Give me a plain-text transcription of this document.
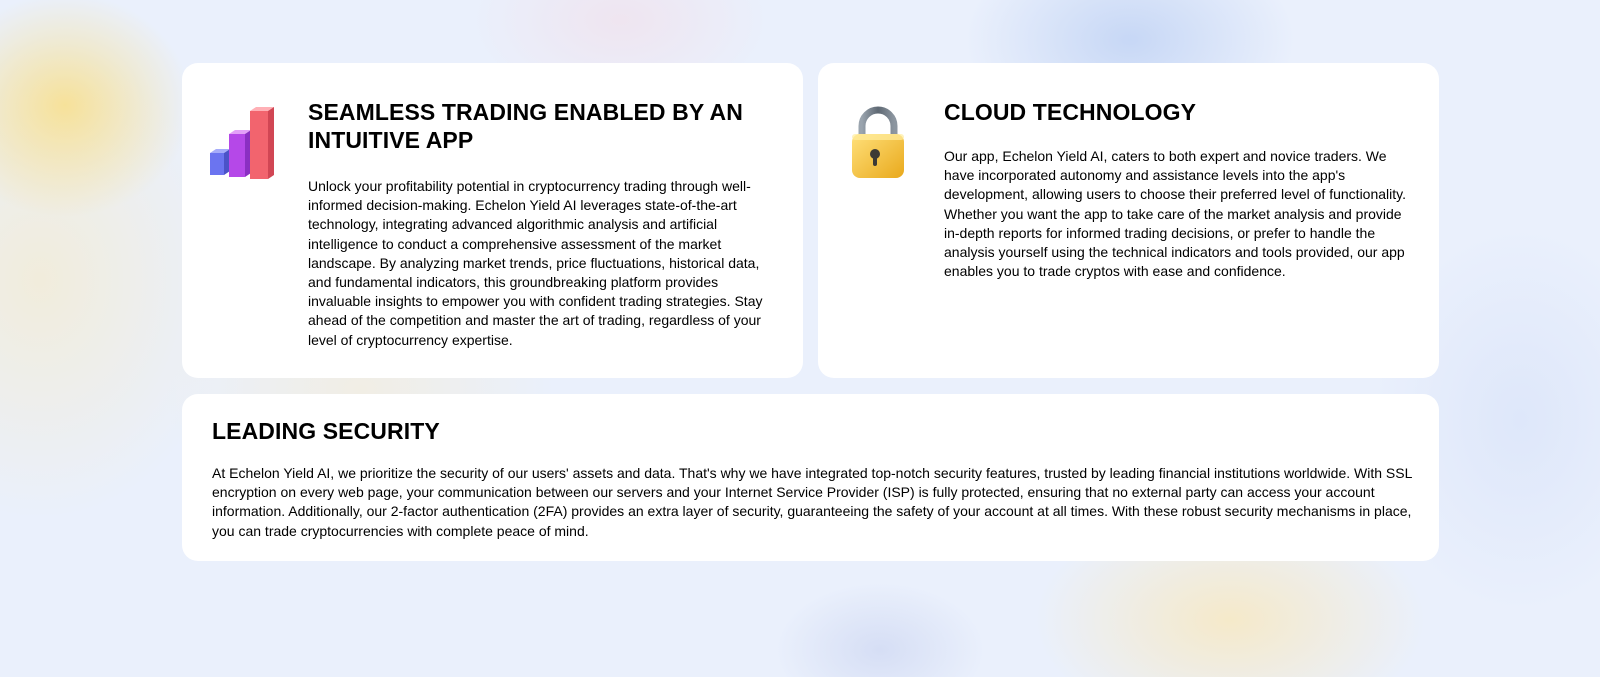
SEAMLESS TRADING ENABLED BY AN INTUITIVE APP

Unlock your profitability potential in cryptocurrency trading through well-informed decision-making. Echelon Yield AI leverages state-of-the-art technology, integrating advanced algorithmic analysis and artificial intelligence to conduct a comprehensive assessment of the market landscape. By analyzing market trends, price fluctuations, historical data, and fundamental indicators, this groundbreaking platform provides invaluable insights to empower you with confident trading strategies. Stay ahead of the competition and master the art of trading, regardless of your level of cryptocurrency expertise.

CLOUD TECHNOLOGY

Our app, Echelon Yield AI, caters to both expert and novice traders. We have incorporated autonomy and assistance levels into the app's development, allowing users to choose their preferred level of functionality. Whether you want the app to take care of the market analysis and provide in-depth reports for informed trading decisions, or prefer to handle the analysis yourself using the technical indicators and tools provided, our app enables you to trade cryptos with ease and confidence.

LEADING SECURITY

At Echelon Yield AI, we prioritize the security of our users' assets and data. That's why we have integrated top-notch security features, trusted by leading financial institutions worldwide. With SSL encryption on every web page, your communication between our servers and your Internet Service Provider (ISP) is fully protected, ensuring that no external party can access your account information. Additionally, our 2-factor authentication (2FA) provides an extra layer of security, guaranteeing the safety of your account at all times. With these robust security mechanisms in place, you can trade cryptocurrencies with complete peace of mind.
